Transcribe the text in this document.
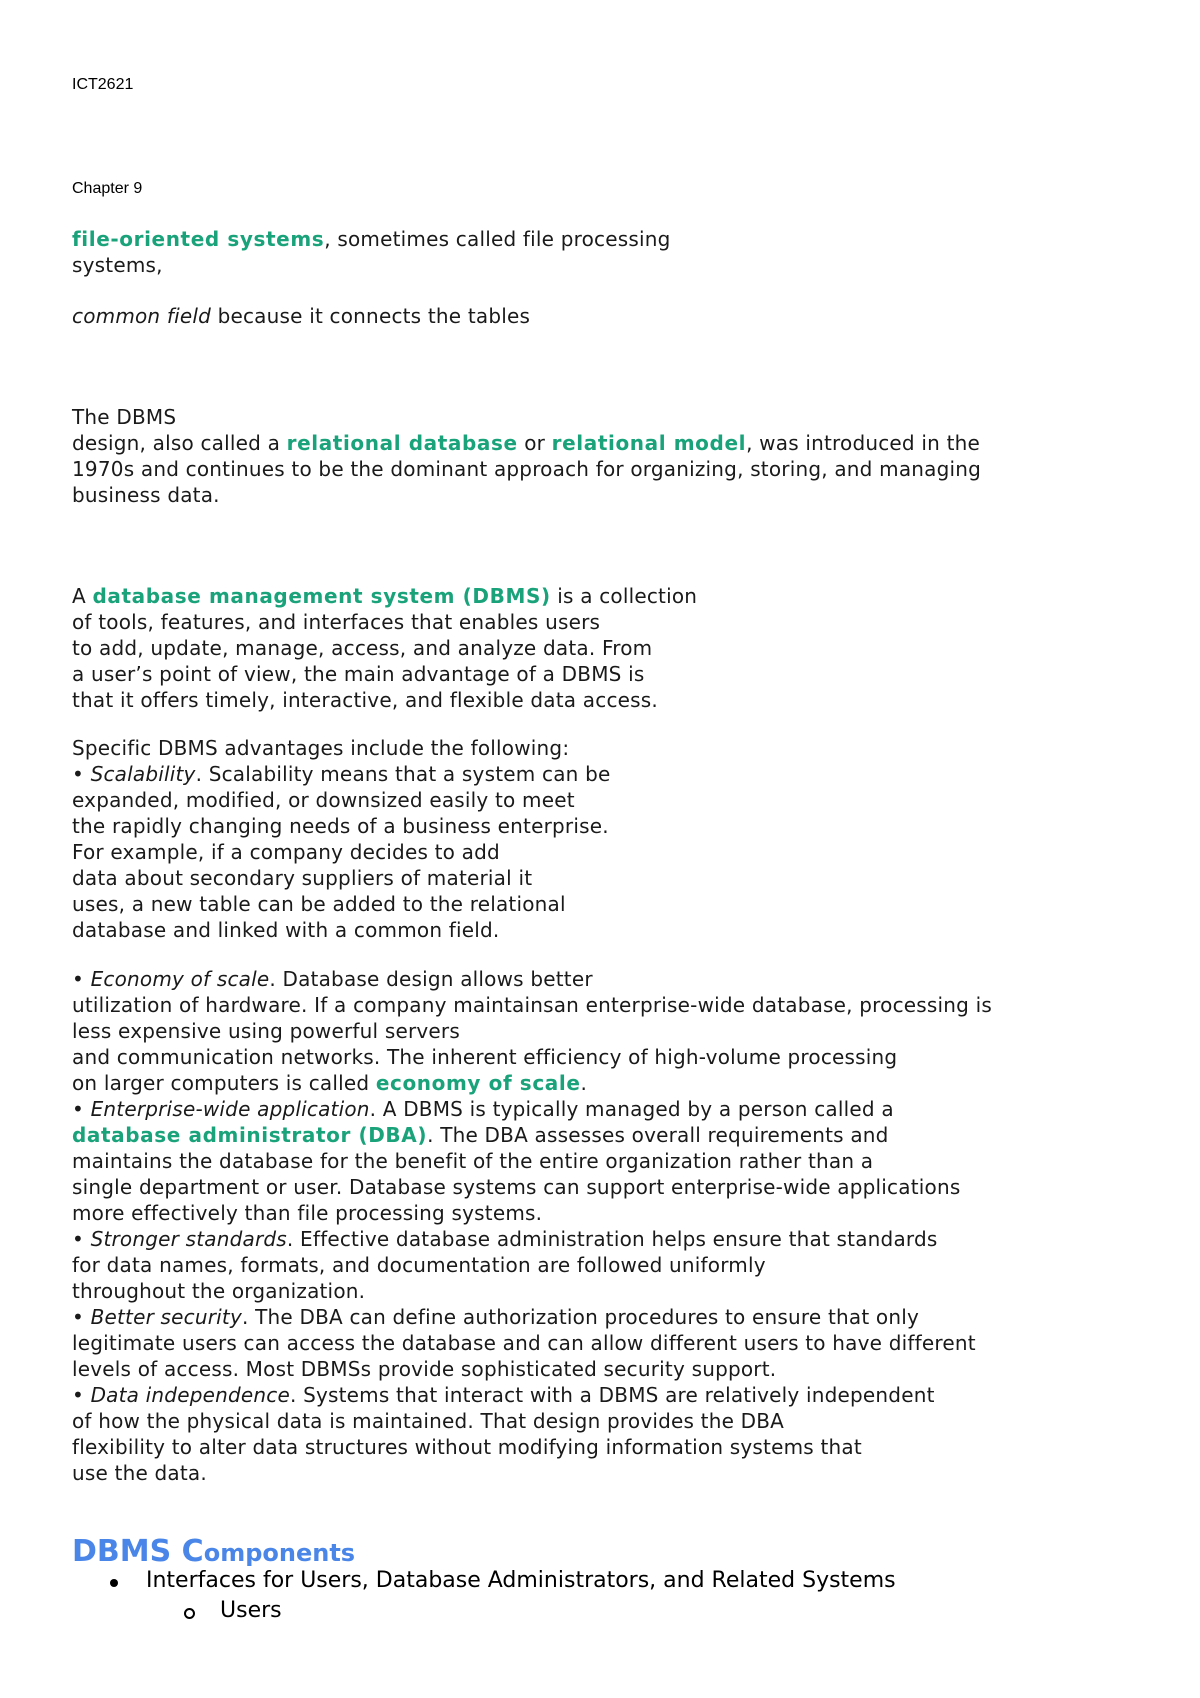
ICT2621
Chapter 9
file-oriented systems, sometimes called file processing
systems,
common field because it connects the tables
The DBMS
design, also called a relational database or relational model, was introduced in the
1970s and continues to be the dominant approach for organizing, storing, and managing
business data.
A database management system (DBMS) is a collection
of tools, features, and interfaces that enables users
to add, update, manage, access, and analyze data. From
a user’s point of view, the main advantage of a DBMS is
that it offers timely, interactive, and flexible data access.
Specific DBMS advantages include the following:
• Scalability. Scalability means that a system can be
expanded, modified, or downsized easily to meet
the rapidly changing needs of a business enterprise.
For example, if a company decides to add
data about secondary suppliers of material it
uses, a new table can be added to the relational
database and linked with a common field.
• Economy of scale. Database design allows better
utilization of hardware. If a company maintainsan enterprise-wide database, processing is
less expensive using powerful servers
and communication networks. The inherent efficiency of high-volume processing
on larger computers is called economy of scale.
• Enterprise-wide application. A DBMS is typically managed by a person called a
database administrator (DBA). The DBA assesses overall requirements and
maintains the database for the benefit of the entire organization rather than a
single department or user. Database systems can support enterprise-wide applications
more effectively than file processing systems.
• Stronger standards. Effective database administration helps ensure that standards
for data names, formats, and documentation are followed uniformly
throughout the organization.
• Better security. The DBA can define authorization procedures to ensure that only
legitimate users can access the database and can allow different users to have different
levels of access. Most DBMSs provide sophisticated security support.
• Data independence. Systems that interact with a DBMS are relatively independent
of how the physical data is maintained. That design provides the DBA
flexibility to alter data structures without modifying information systems that
use the data.
DBMS Components
Interfaces for Users, Database Administrators, and Related Systems
Users
